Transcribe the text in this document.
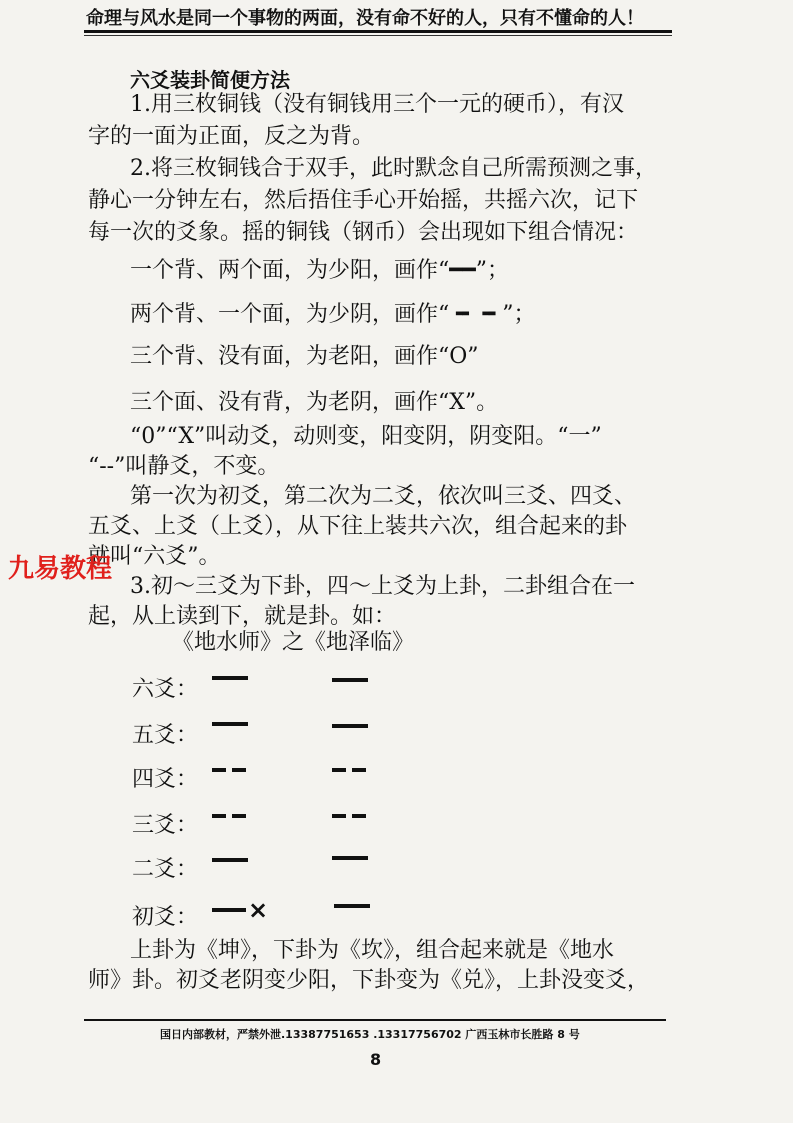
命理与风水是同一个事物的两面，没有命不好的人，只有不懂命的人！
六爻装卦简便方法
1.用三枚铜钱（没有铜钱用三个一元的硬币），有汉
字的一面为正面，反之为背。
2.将三枚铜钱合于双手，此时默念自己所需预测之事，
静心一分钟左右，然后捂住手心开始摇，共摇六次，记下
每一次的爻象。摇的铜钱（钢币）会出现如下组合情况：
一个背、两个面，为少阳，画作“━━”；
两个背、一个面，为少阴，画作“╺╸╺╸”；
三个背、没有面，为老阳，画作“O”
三个面、没有背，为老阴，画作“X”。
“0”“X”叫动爻，动则变，阳变阴，阴变阳。“一”
“--”叫静爻，不变。
第一次为初爻，第二次为二爻，依次叫三爻、四爻、
五爻、上爻（上爻），从下往上装共六次，组合起来的卦
就叫“六爻”。
九易教程
3.初～三爻为下卦，四～上爻为上卦，二卦组合在一
起，从上读到下，就是卦。如：
《地水师》之《地泽临》
六爻：
五爻：
四爻：
三爻：
二爻：
初爻： ×
上卦为《坤》，下卦为《坎》，组合起来就是《地水
师》卦。初爻老阴变少阳，下卦变为《兑》，上卦没变爻，
国日内部教材，严禁外泄.13387751653 .13317756702 广西玉林市长胜路 8 号
8
